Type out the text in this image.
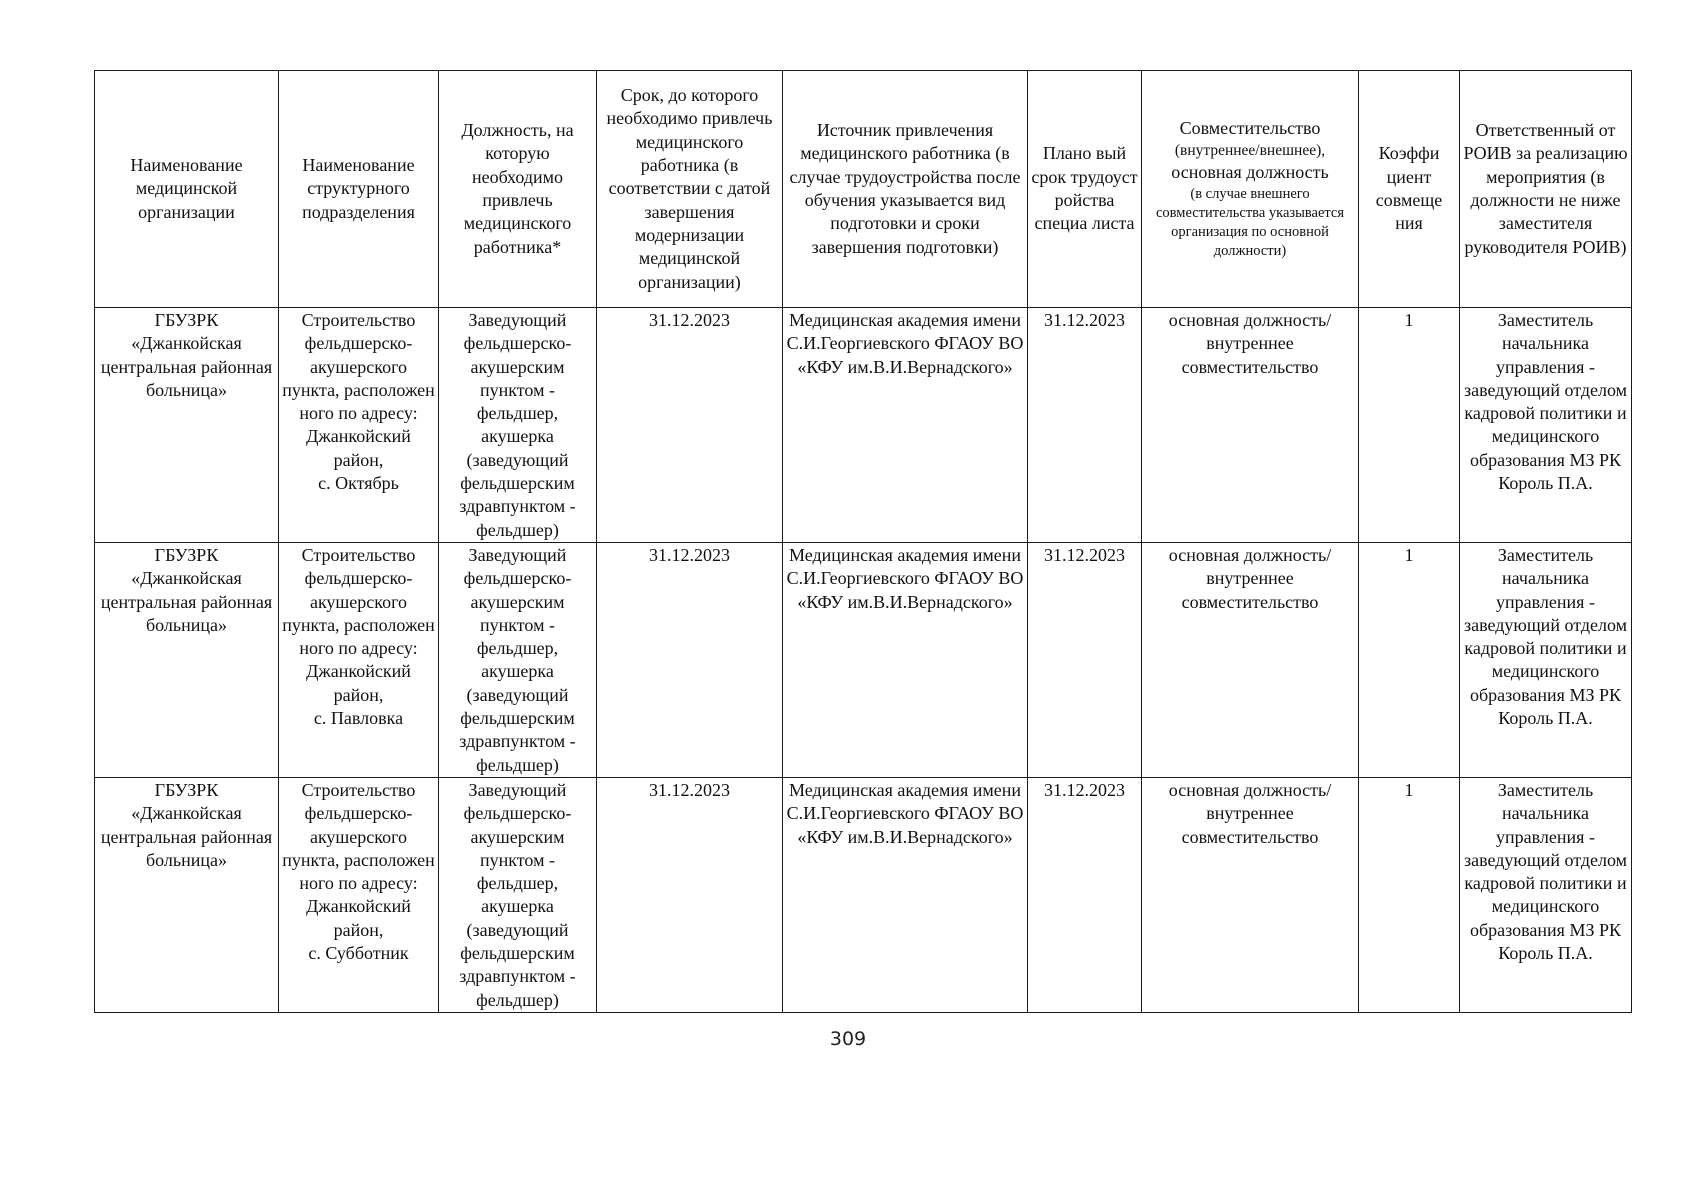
Наименование медицинской организации	Наименование структурного подразделения	Должность, на которую необходимо привлечь медицинского работника*	Срок, до которого необходимо привлечь медицинского работника (в соответствии с датой завершения модернизации медицинской организации)	Источник привлечения медицинского работника (в случае трудоустройства после обучения указывается вид подготовки и сроки завершения подготовки)	Плано вый срок трудоуст ройства специа листа	Совместительство
(внутреннее/внешнее),
основная должность
(в случае внешнего совместительства указывается организация по основной должности)	Коэффи циент совмеще ния	Ответственный от РОИВ за реализацию мероприятия (в должности не ниже заместителя руководителя РОИВ)
ГБУЗРК «Джанкойская центральная районная больница»	Строительство фельдшерско-акушерского пункта, расположен ного по адресу: Джанкойский район,
с. Октябрь	Заведующий фельдшерско-акушерским пунктом - фельдшер, акушерка (заведующий фельдшерским здравпунктом - фельдшер)	31.12.2023	Медицинская академия имени С.И.Георгиевского ФГАОУ ВО «КФУ им.В.И.Вернадского»	31.12.2023	основная должность/ внутреннее совместительство	1	Заместитель начальника управления - заведующий отделом кадровой политики и медицинского образования МЗ РК Король П.А.
ГБУЗРК «Джанкойская центральная районная больница»	Строительство фельдшерско-акушерского пункта, расположен ного по адресу: Джанкойский район,
с. Павловка	Заведующий фельдшерско-акушерским пунктом - фельдшер, акушерка (заведующий фельдшерским здравпунктом - фельдшер)	31.12.2023	Медицинская академия имени С.И.Георгиевского ФГАОУ ВО «КФУ им.В.И.Вернадского»	31.12.2023	основная должность/ внутреннее совместительство	1	Заместитель начальника управления - заведующий отделом кадровой политики и медицинского образования МЗ РК Король П.А.
ГБУЗРК «Джанкойская центральная районная больница»	Строительство фельдшерско-акушерского пункта, расположен ного по адресу: Джанкойский район,
с. Субботник	Заведующий фельдшерско-акушерским пунктом - фельдшер, акушерка (заведующий фельдшерским здравпунктом - фельдшер)	31.12.2023	Медицинская академия имени С.И.Георгиевского ФГАОУ ВО «КФУ им.В.И.Вернадского»	31.12.2023	основная должность/ внутреннее совместительство	1	Заместитель начальника управления - заведующий отделом кадровой политики и медицинского образования МЗ РК Король П.А.
309
